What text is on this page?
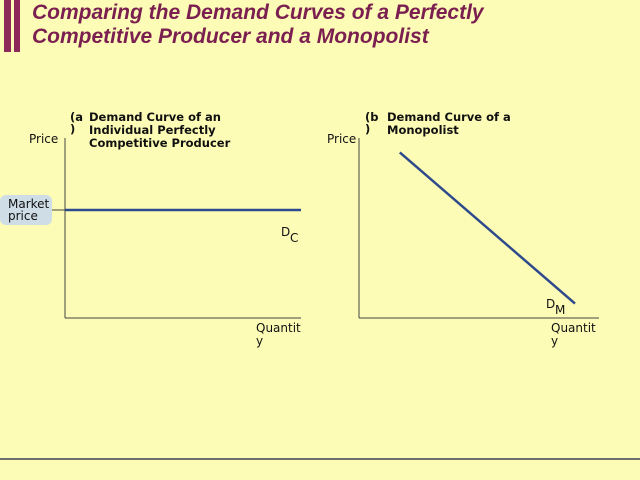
Comparing the Demand Curves of a Perfectly
Competitive Producer and a Monopolist
(a
)
Demand Curve of an
Individual Perfectly
Competitive Producer
Price
Quantit
y
D C
Market
price
(b
)
Demand Curve of a
Monopolist
Price
Quantit
y
D M
